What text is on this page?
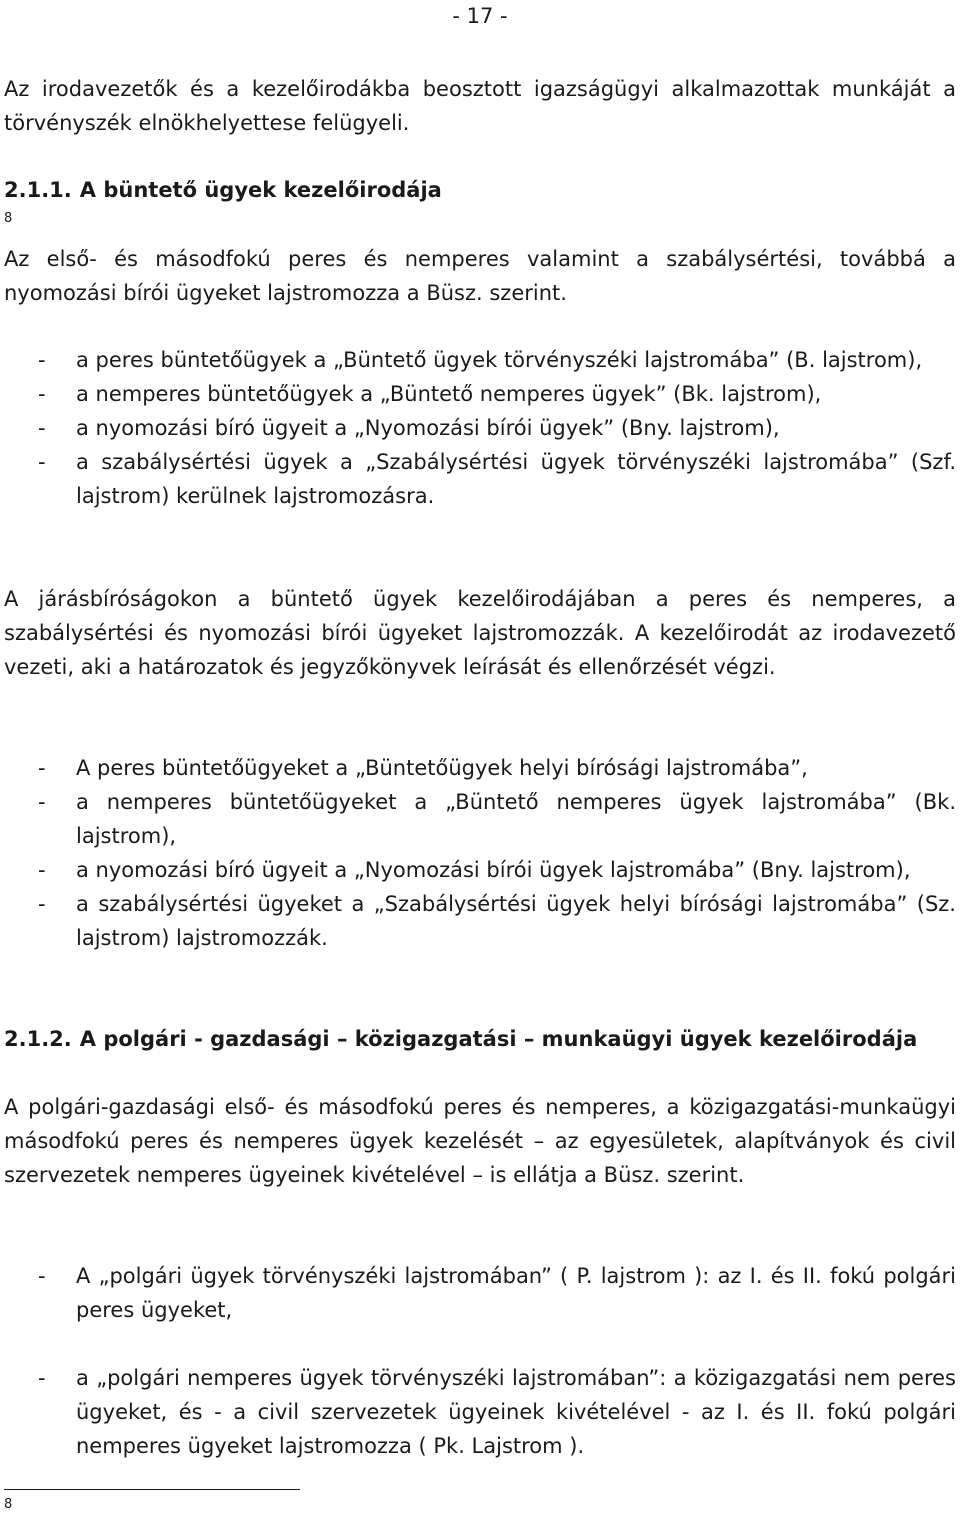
- 17 -

Az irodavezetők és a kezelőirodákba beosztott igazságügyi alkalmazottak munkáját a törvényszék elnökhelyettese felügyeli.

2.1.1. A büntető ügyek kezelőirodája
8

Az első- és másodfokú peres és nemperes valamint a szabálysértési, továbbá a nyomozási bírói ügyeket lajstromozza a Büsz. szerint.

- a peres büntetőügyek a „Büntető ügyek törvényszéki lajstromába” (B. lajstrom),
- a nemperes büntetőügyek a „Büntető nemperes ügyek” (Bk. lajstrom),
- a nyomozási bíró ügyeit a „Nyomozási bírói ügyek” (Bny. lajstrom),
- a szabálysértési ügyek a „Szabálysértési ügyek törvényszéki lajstromába” (Szf. lajstrom) kerülnek lajstromozásra.

A járásbíróságokon a büntető ügyek kezelőirodájában a peres és nemperes, a szabálysértési és nyomozási bírói ügyeket lajstromozzák. A kezelőirodát az irodavezető vezeti, aki a határozatok és jegyzőkönyvek leírását és ellenőrzését végzi.

- A peres büntetőügyeket a „Büntetőügyek helyi bírósági lajstromába”,
- a nemperes büntetőügyeket a „Büntető nemperes ügyek lajstromába” (Bk. lajstrom),
- a nyomozási bíró ügyeit a „Nyomozási bírói ügyek lajstromába” (Bny. lajstrom),
- a szabálysértési ügyeket a „Szabálysértési ügyek helyi bírósági lajstromába” (Sz. lajstrom) lajstromozzák.
2.1.2. A polgári - gazdasági – közigazgatási – munkaügyi ügyek kezelőirodája

A polgári-gazdasági első- és másodfokú peres és nemperes, a közigazgatási-munkaügyi másodfokú peres és nemperes ügyek kezelését – az egyesületek, alapítványok és civil szervezetek nemperes ügyeinek kivételével – is ellátja a Büsz. szerint.

- A „polgári ügyek törvényszéki lajstromában” ( P. lajstrom ): az I. és II. fokú polgári peres ügyeket,
- a „polgári nemperes ügyek törvényszéki lajstromában”: a közigazgatási nem peres ügyeket, és - a civil szervezetek ügyeinek kivételével - az I. és II. fokú polgári nemperes ügyeket lajstromozza ( Pk. Lajstrom ).
8
